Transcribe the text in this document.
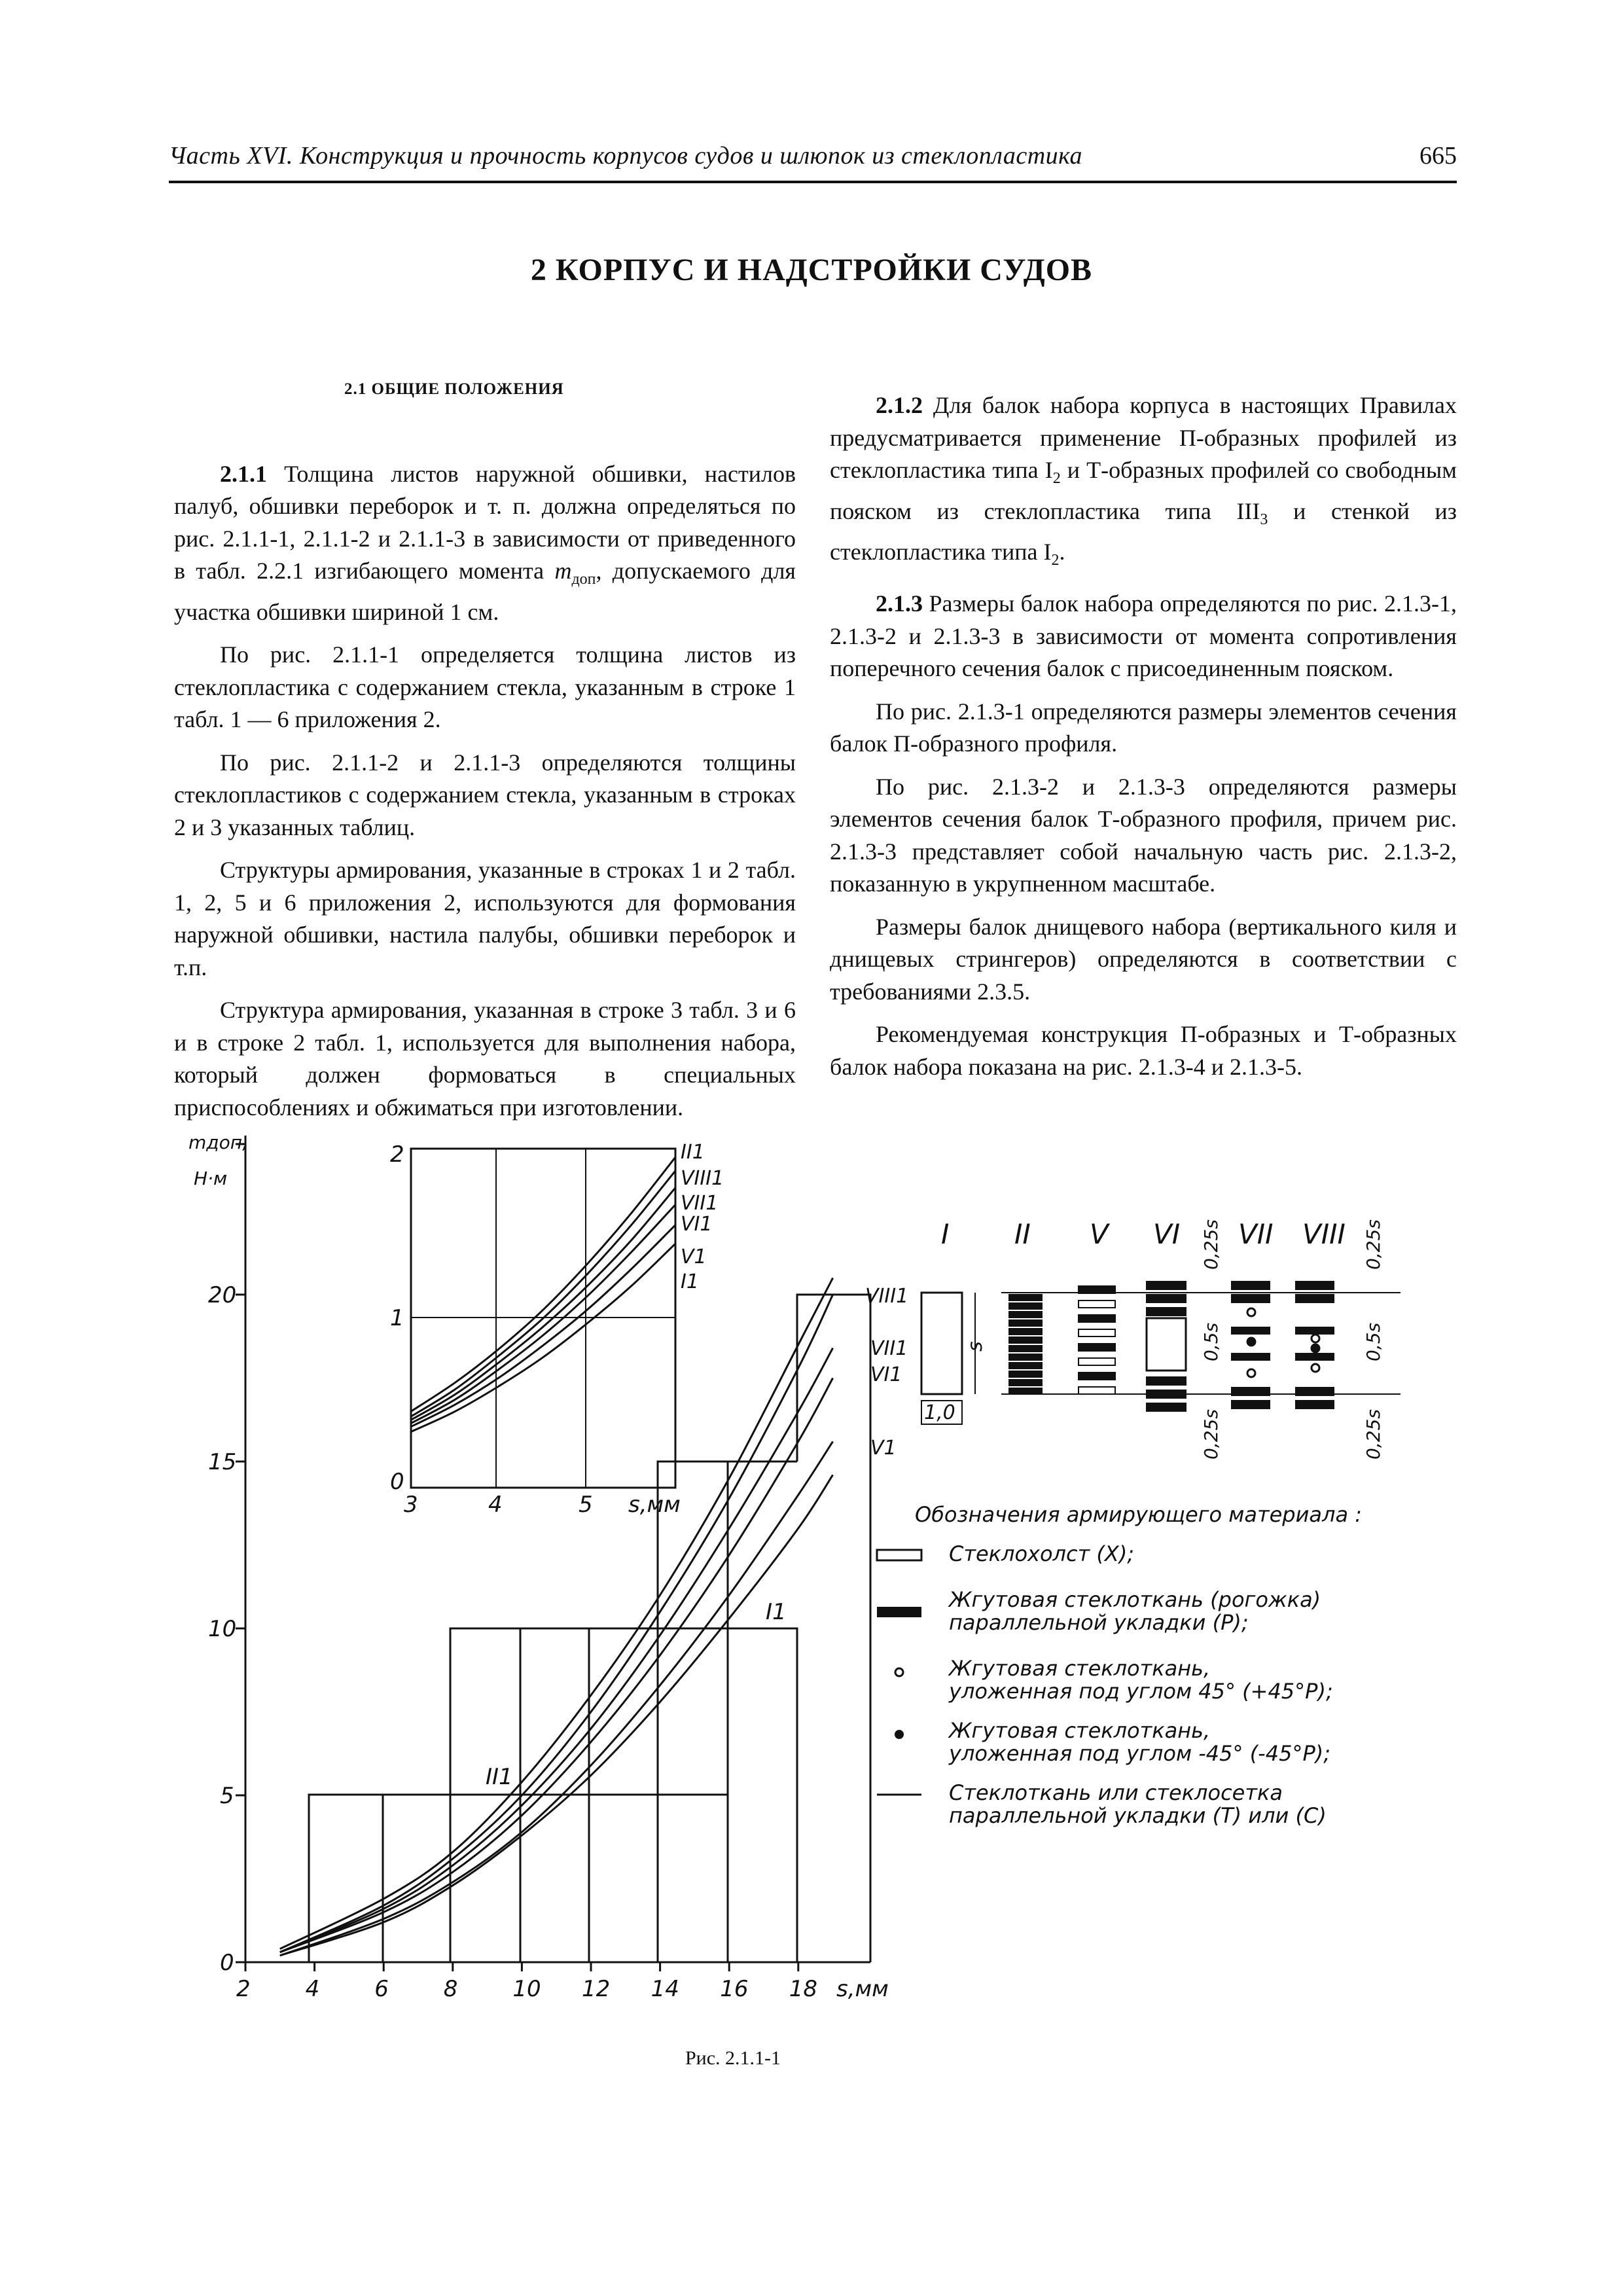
Часть XVI. Конструкция и прочность корпусов судов и шлюпок из стеклопластика	665
2 КОРПУС И НАДСТРОЙКИ СУДОВ
2.1 ОБЩИЕ ПОЛОЖЕНИЯ

2.1.1 Толщина листов наружной обшивки, настилов палуб, обшивки переборок и т. п. должна определяться по рис. 2.1.1-1, 2.1.1-2 и 2.1.1-3 в зависимости от приведенного в табл. 2.2.1 изгибающего момента $m_{доп}$, допускаемого для участка обшивки шириной 1 см.

По рис. 2.1.1-1 определяется толщина листов из стеклопластика с содержанием стекла, указанным в строке 1 табл. 1 — 6 приложения 2.

По рис. 2.1.1-2 и 2.1.1-3 определяются толщины стеклопластиков с содержанием стекла, указанным в строках 2 и 3 указанных таблиц.

Структуры армирования, указанные в строках 1 и 2 табл. 1, 2, 5 и 6 приложения 2, используются для формования наружной обшивки, настила палубы, обшивки переборок и т.п.

Структура армирования, указанная в строке 3 табл. 3 и 6 и в строке 2 табл. 1, используется для выполнения набора, который должен формоваться в специальных приспособлениях и обжиматься при изготовлении.

2.1.2 Для балок набора корпуса в настоящих Правилах предусматривается применение П-образных профилей из стеклопластика типа $I_2$ и Т-образных профилей со свободным пояском из стеклопластика типа $III_3$ и стенкой из стеклопластика типа $I_2$.

2.1.3 Размеры балок набора определяются по рис. 2.1.3-1, 2.1.3-2 и 2.1.3-3 в зависимости от момента сопротивления поперечного сечения балок с присоединенным пояском.

По рис. 2.1.3-1 определяются размеры элементов сечения балок П-образного профиля.

По рис. 2.1.3-2 и 2.1.3-3 определяются размеры элементов сечения балок Т-образного профиля, причем рис. 2.1.3-3 представляет собой начальную часть рис. 2.1.3-2, показанную в укрупненном масштабе.

Размеры балок днищевого набора (вертикального киля и днищевых стрингеров) определяются в соответствии с требованиями 2.3.5.

Рекомендуемая конструкция П-образных и Т-образных балок набора показана на рис. 2.1.3-4 и 2.1.3-5.

2 4 6 8 10 12 14 16 18
0
5
10
15
20
mдоп,
Н·м
s,мм
VIII1
VII1
VI1
V1
I1
II1
2
1
0
3	4	5 s,мм
II1
VIII1
VII1
VI1
V1
I1
I II V VI VII VIII
s
1,0
0,25s
0,5s
0,25s
0,25s
0,5s
0,25s
Обозначения армирующего материала :
Стеклохолст (X);
Жгутовая стеклоткань (рогожка)
параллельной укладки (Р);
Жгутовая стеклоткань,
уложенная под углом 45° (+45°Р);
Жгутовая стеклоткань,
уложенная под углом -45° (-45°Р);
Стеклоткань или стеклосетка
параллельной укладки (Т) или (С)
Рис. 2.1.1-1
